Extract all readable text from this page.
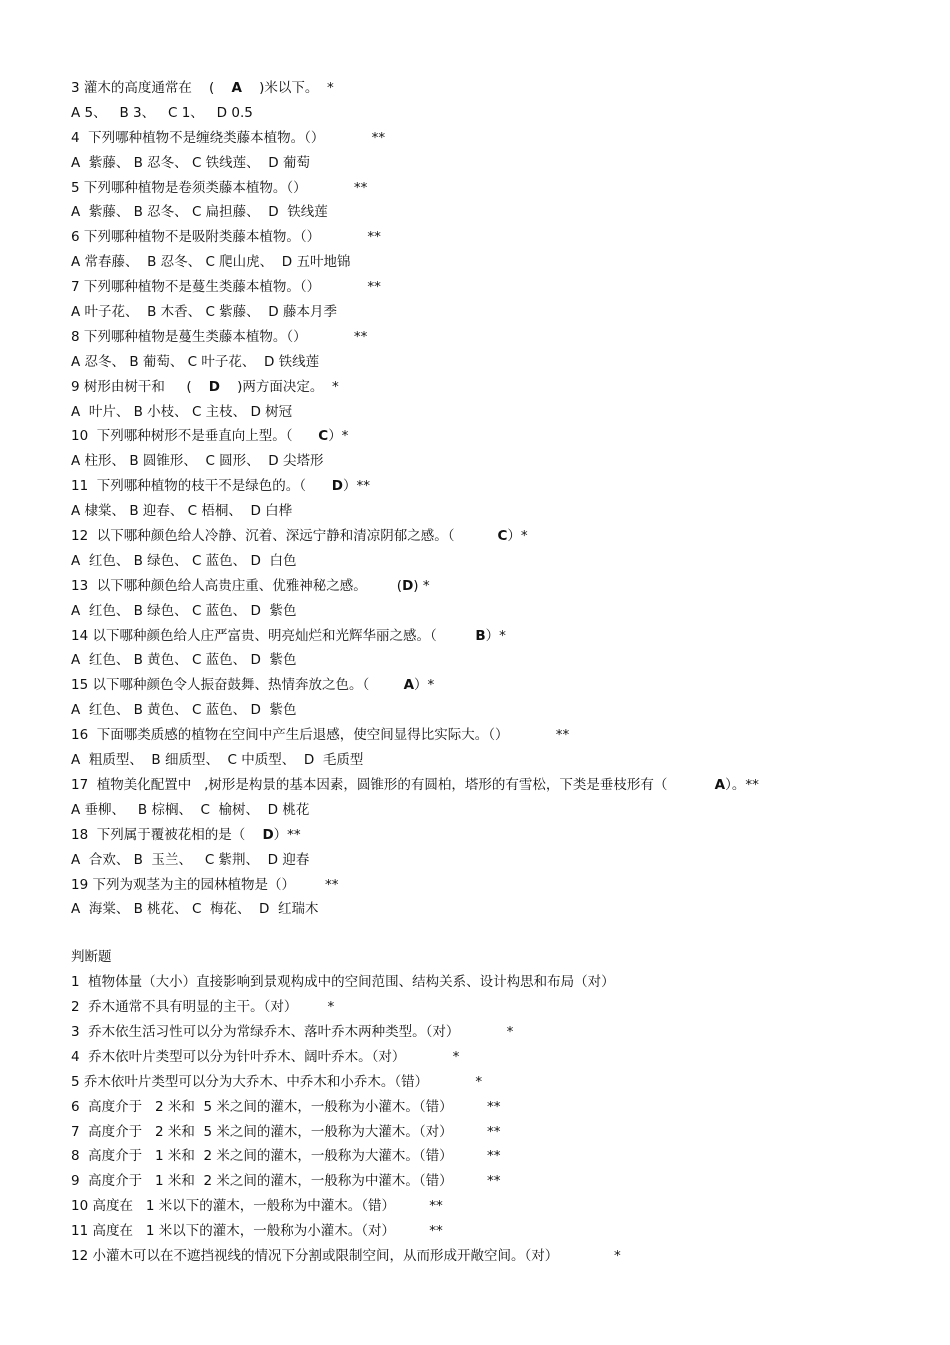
3 灌木的高度通常在    (    A    )米以下。  *
A 5、   B 3、   C 1、   D 0.5
4  下列哪种植物不是缠绕类藤本植物。（）           **
A  紫藤、 B 忍冬、 C 铁线莲、  D 葡萄
5 下列哪种植物是卷须类藤本植物。（）           **
A  紫藤、 B 忍冬、 C 扁担藤、  D  铁线莲
6 下列哪种植物不是吸附类藤本植物。（）           **
A 常春藤、  B 忍冬、 C 爬山虎、  D 五叶地锦
7 下列哪种植物不是蔓生类藤本植物。（）           **
A 叶子花、  B 木香、 C 紫藤、  D 藤本月季
8 下列哪种植物是蔓生类藤本植物。（）           **
A 忍冬、 B 葡萄、 C 叶子花、  D 铁线莲
9 树形由树干和     (    D    )两方面决定。  *
A  叶片、 B 小枝、 C 主枝、 D 树冠
10  下列哪种树形不是垂直向上型。（      C）*
A 柱形、 B 圆锥形、  C 圆形、  D 尖塔形
11  下列哪种植物的枝干不是绿色的。（      D）**
A 棣棠、 B 迎春、 C 梧桐、  D 白桦
12  以下哪种颜色给人冷静、沉着、深远宁静和清凉阴郁之感。（          C）*
A  红色、 B 绿色、 C 蓝色、 D  白色
13  以下哪种颜色给人高贵庄重、优雅神秘之感。       (D) *
A  红色、 B 绿色、 C 蓝色、 D  紫色
14 以下哪种颜色给人庄严富贵、明亮灿烂和光辉华丽之感。（         B）*
A  红色、 B 黄色、 C 蓝色、 D  紫色
15 以下哪种颜色令人振奋鼓舞、热情奔放之色。（        A）*
A  红色、 B 黄色、 C 蓝色、 D  紫色
16  下面哪类质感的植物在空间中产生后退感，使空间显得比实际大。（）           **
A  粗质型、  B 细质型、  C 中质型、  D  毛质型
17  植物美化配置中   ,树形是构景的基本因素，圆锥形的有圆柏，塔形的有雪松，下类是垂枝形有（           A）。**
A 垂柳、   B 棕榈、  C  榆树、  D 桃花
18  下列属于覆被花相的是（    D）**
A  合欢、 B  玉兰、   C 紫荆、  D 迎春
19 下列为观茎为主的园林植物是（）       **
A  海棠、 B 桃花、 C  梅花、  D  红瑞木
判断题
1  植物体量（大小）直接影响到景观构成中的空间范围、结构关系、设计构思和布局（对）
2  乔木通常不具有明显的主干。（对）       *
3  乔木依生活习性可以分为常绿乔木、落叶乔木两种类型。（对）           *
4  乔木依叶片类型可以分为针叶乔木、阔叶乔木。（对）           *
5 乔木依叶片类型可以分为大乔木、中乔木和小乔木。（错）           *
6  高度介于   2 米和  5 米之间的灌木，一般称为小灌木。（错）        **
7  高度介于   2 米和  5 米之间的灌木，一般称为大灌木。（对）        **
8  高度介于   1 米和  2 米之间的灌木，一般称为大灌木。（错）        **
9  高度介于   1 米和  2 米之间的灌木，一般称为中灌木。（错）        **
10 高度在   1 米以下的灌木，一般称为中灌木。（错）        **
11 高度在   1 米以下的灌木，一般称为小灌木。（对）        **
12 小灌木可以在不遮挡视线的情况下分割或限制空间，从而形成开敞空间。（对）             *
